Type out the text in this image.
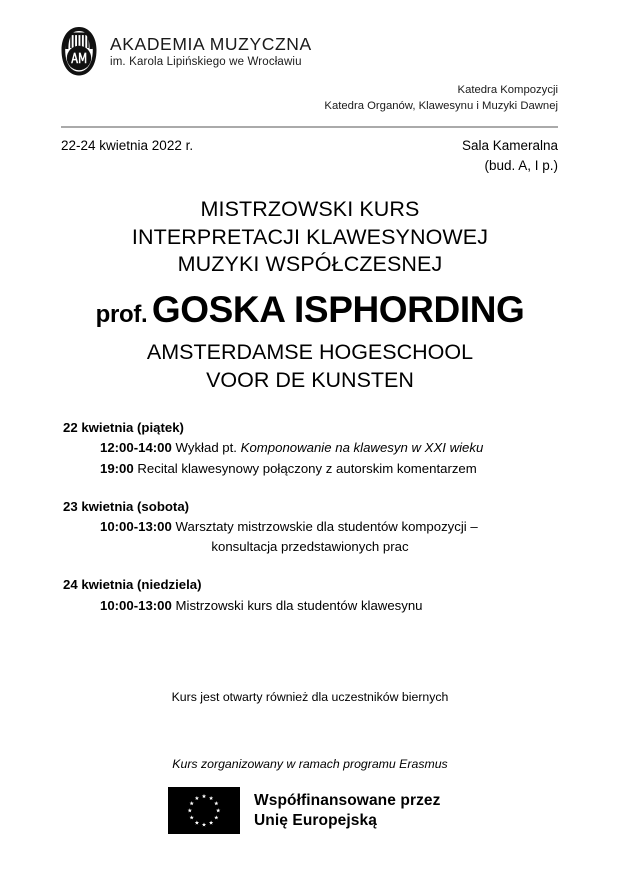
AKADEMIA MUZYCZNA
im. Karola Lipińskiego we Wrocławiu
Katedra Kompozycji
Katedra Organów, Klawesynu i Muzyki Dawnej
22-24 kwietnia 2022 r.	Sala Kameralna
(bud. A, I p.)
MISTRZOWSKI KURS
INTERPRETACJI KLAWESYNOWEJ
MUZYKI WSPÓŁCZESNEJ
prof. GOSKA ISPHORDING
AMSTERDAMSE HOGESCHOOL
VOOR DE KUNSTEN
22 kwietnia (piątek)
12:00-14:00 Wykład pt. Komponowanie na klawesyn w XXI wieku
19:00 Recital klawesynowy połączony z autorskim komentarzem
23 kwietnia (sobota)
10:00-13:00 Warsztaty mistrzowskie dla studentów kompozycji –
konsultacja przedstawionych prac
24 kwietnia (niedziela)
10:00-13:00 Mistrzowski kurs dla studentów klawesynu
Kurs jest otwarty również dla uczestników biernych
Kurs zorganizowany w ramach programu Erasmus
Współfinansowane przez
Unię Europejską
